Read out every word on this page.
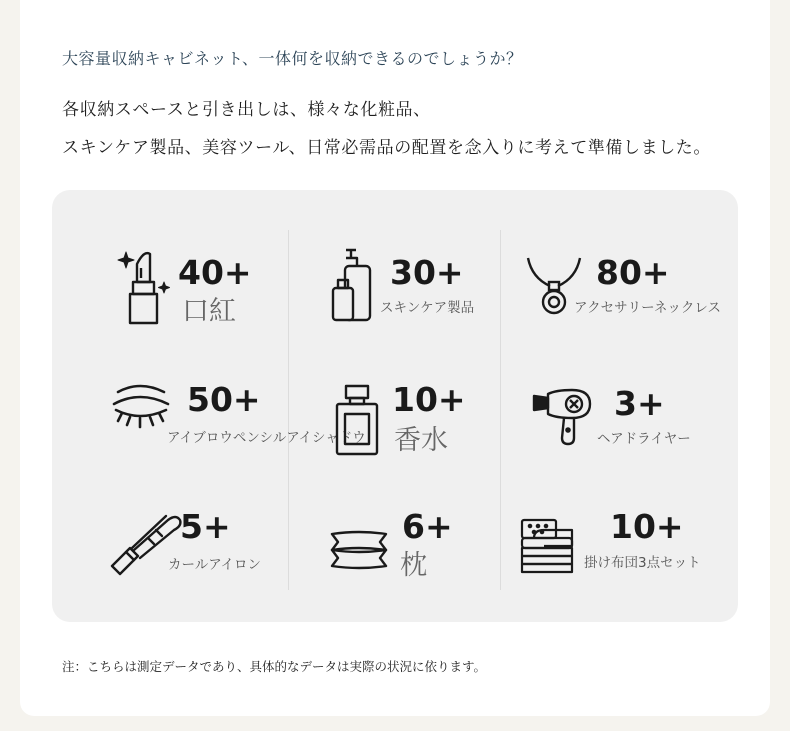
大容量収納キャビネット、一体何を収納できるのでしょうか？
各収納スペースと引き出しは、様々な化粧品、
スキンケア製品、美容ツール、日常必需品の配置を念入りに考えて準備しました。
40+
口紅
30+
スキンケア製品
80+
アクセサリーネックレス
50+
アイブロウペンシルアイシャドウ
10+
香水
3+
ヘアドライヤー
5+
カールアイロン
6+
枕
10+
掛け布団3点セット
注：こちらは測定データであり、具体的なデータは実際の状況に依ります。
